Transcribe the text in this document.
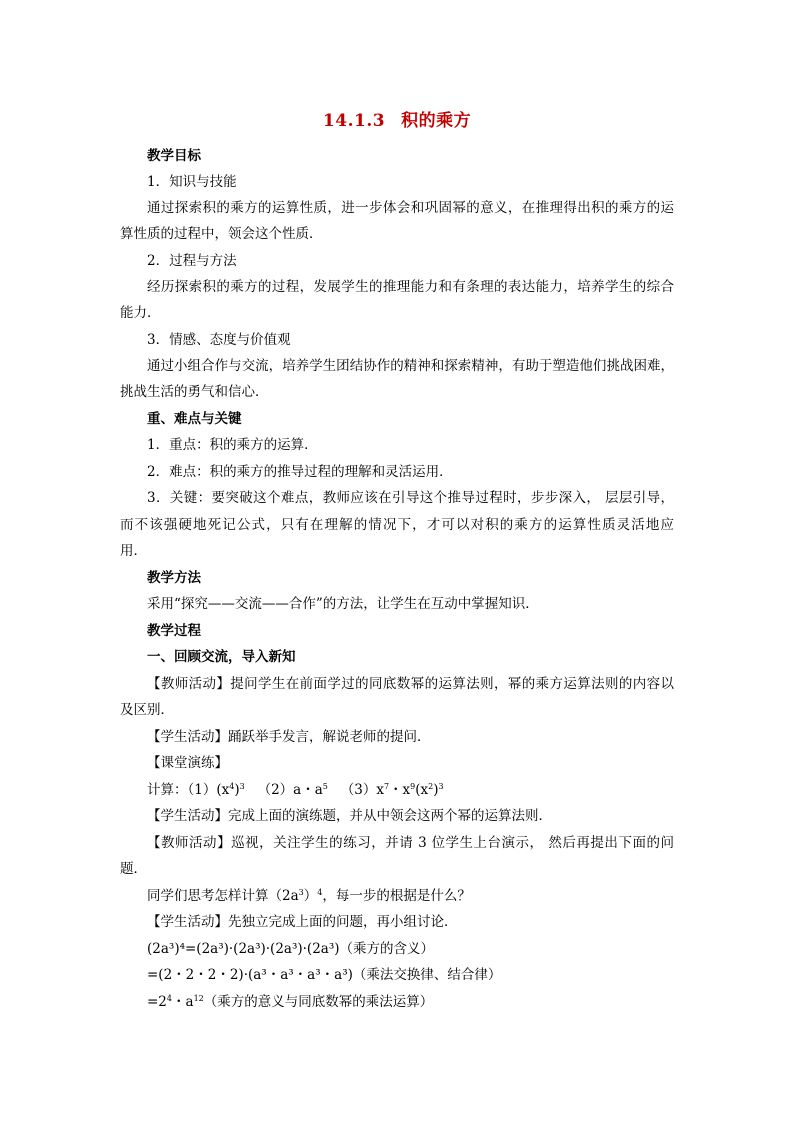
14.1.3 积的乘方
教学目标
1．知识与技能
通过探索积的乘方的运算性质，进一步体会和巩固幂的意义，在推理得出积的乘方的运
算性质的过程中，领会这个性质．
2．过程与方法
经历探索积的乘方的过程，发展学生的推理能力和有条理的表达能力，培养学生的综合
能力．
3．情感、态度与价值观
通过小组合作与交流，培养学生团结协作的精神和探索精神，有助于塑造他们挑战困难，
挑战生活的勇气和信心．
重、难点与关键
1．重点：积的乘方的运算．
2．难点：积的乘方的推导过程的理解和灵活运用．
3．关键：要突破这个难点，教师应该在引导这个推导过程时，步步深入， 层层引导，
而不该强硬地死记公式，只有在理解的情况下，才可以对积的乘方的运算性质灵活地应
用．
教学方法
采用“探究——交流——合作”的方法，让学生在互动中掌握知识．
教学过程
一、回顾交流，导入新知
【教师活动】提问学生在前面学过的同底数幂的运算法则，幂的乘方运算法则的内容以
及区别．
【学生活动】踊跃举手发言，解说老师的提问．
【课堂演练】
计算：$(1)(x^4)^3$ （2）a・$a^5$ $(3)x^7$・$x^9(x^2)^3$
【学生活动】完成上面的演练题，并从中领会这两个幂的运算法则．
【教师活动】巡视，关注学生的练习，并请 3 位学生上台演示， 然后再提出下面的问
题．
同学们思考怎样计算$(2a^3)^4$，每一步的根据是什么？
【学生活动】先独立完成上面的问题，再小组讨论．
(2a³)⁴=(2a³)·(2a³)·(2a³)·(2a³)（乘方的含义）
=(2・2・2・2)·(a³・a³・a³・a³)（乘法交换律、结合律）
$=2^4$・$a^{12}$（乘方的意义与同底数幂的乘法运算）
